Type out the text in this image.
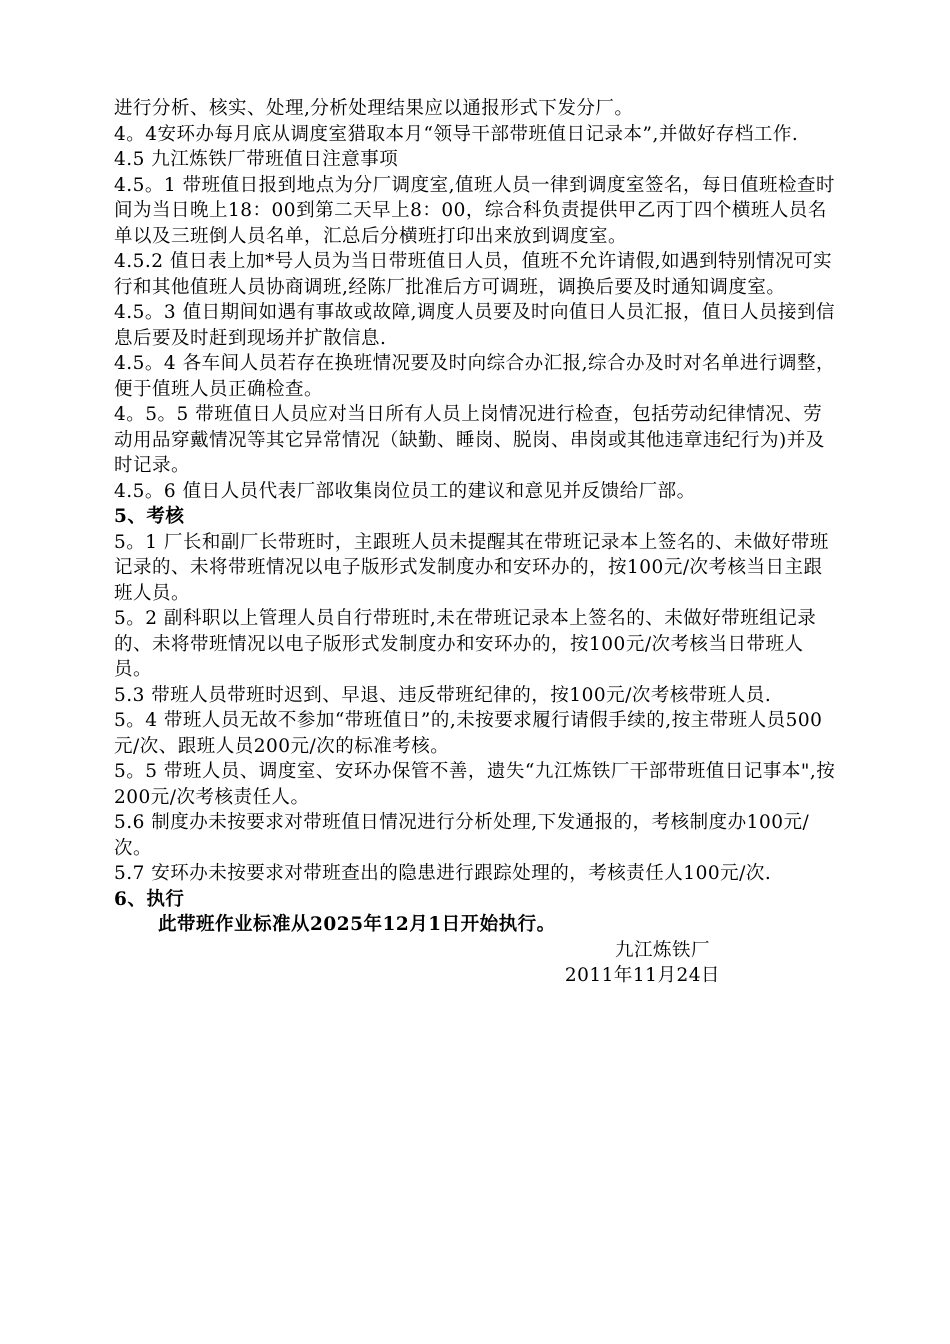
进行分析、核实、处理,分析处理结果应以通报形式下发分厂。

4。4安环办每月底从调度室猎取本月“领导干部带班值日记录本”,并做好存档工作.

4.5 九江炼铁厂带班值日注意事项

4.5。1 带班值日报到地点为分厂调度室,值班人员一律到调度室签名，每日值班检查时间为当日晚上18：00到第二天早上8：00，综合科负责提供甲乙丙丁四个横班人员名单以及三班倒人员名单，汇总后分横班打印出来放到调度室。

4.5.2 值日表上加*号人员为当日带班值日人员，值班不允许请假,如遇到特别情况可实行和其他值班人员协商调班,经陈厂批准后方可调班，调换后要及时通知调度室。

4.5。3 值日期间如遇有事故或故障,调度人员要及时向值日人员汇报，值日人员接到信息后要及时赶到现场并扩散信息.

4.5。4 各车间人员若存在换班情况要及时向综合办汇报,综合办及时对名单进行调整，便于值班人员正确检查。

4。5。5 带班值日人员应对当日所有人员上岗情况进行检查，包括劳动纪律情况、劳动用品穿戴情况等其它异常情况（缺勤、睡岗、脱岗、串岗或其他违章违纪行为)并及时记录。

4.5。6 值日人员代表厂部收集岗位员工的建议和意见并反馈给厂部。

5、考核

5。1 厂长和副厂长带班时，主跟班人员未提醒其在带班记录本上签名的、未做好带班记录的、未将带班情况以电子版形式发制度办和安环办的，按100元/次考核当日主跟班人员。

5。2 副科职以上管理人员自行带班时,未在带班记录本上签名的、未做好带班组记录的、未将带班情况以电子版形式发制度办和安环办的，按100元/次考核当日带班人员。

5.3 带班人员带班时迟到、早退、违反带班纪律的，按100元/次考核带班人员.

5。4 带班人员无故不参加“带班值日”的,未按要求履行请假手续的,按主带班人员500元/次、跟班人员200元/次的标准考核。

5。5 带班人员、调度室、安环办保管不善，遗失“九江炼铁厂干部带班值日记事本",按200元/次考核责任人。

5.6 制度办未按要求对带班值日情况进行分析处理,下发通报的，考核制度办100元/次。

5.7 安环办未按要求对带班查出的隐患进行跟踪处理的，考核责任人100元/次.

6、执行

此带班作业标准从2025年12月1日开始执行。

九江炼铁厂

2011年11月24日
